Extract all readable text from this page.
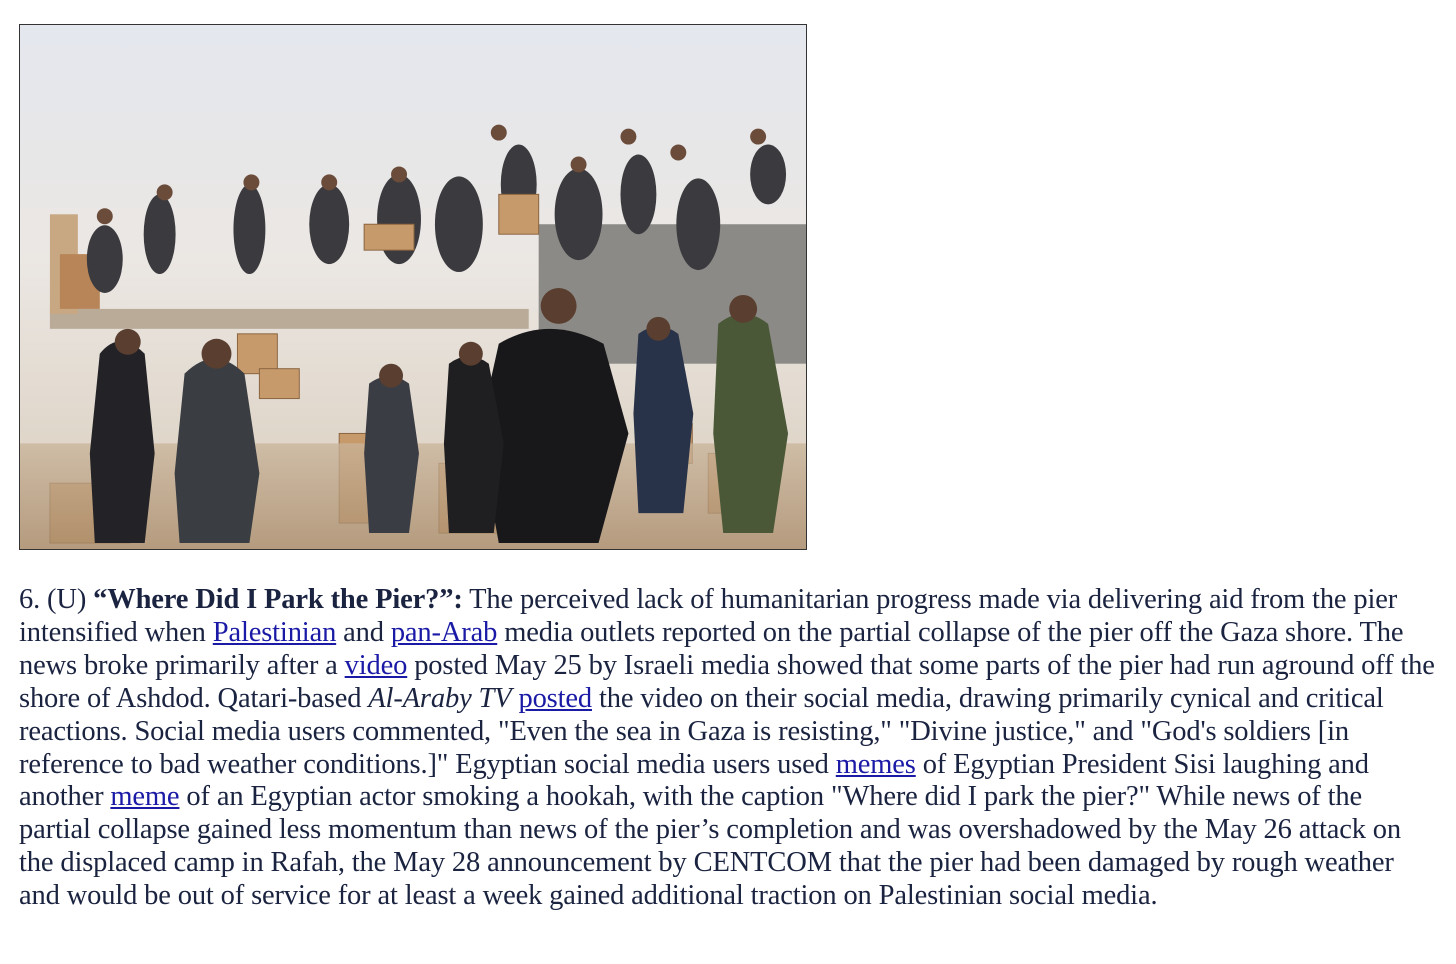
6. (U) “Where Did I Park the Pier?”: The perceived lack of humanitarian progress made via delivering aid from the pier intensified when Palestinian and pan-Arab media outlets reported on the partial collapse of the pier off the Gaza shore. The news broke primarily after a video posted May 25 by Israeli media showed that some parts of the pier had run aground off the shore of Ashdod. Qatari-based Al-Araby TV posted the video on their social media, drawing primarily cynical and critical reactions. Social media users commented, "Even the sea in Gaza is resisting," "Divine justice," and "God's soldiers [in reference to bad weather conditions.]" Egyptian social media users used memes of Egyptian President Sisi laughing and another meme of an Egyptian actor smoking a hookah, with the caption "Where did I park the pier?" While news of the partial collapse gained less momentum than news of the pier’s completion and was overshadowed by the May 26 attack on the displaced camp in Rafah, the May 28 announcement by CENTCOM that the pier had been damaged by rough weather and would be out of service for at least a week gained additional traction on Palestinian social media.
